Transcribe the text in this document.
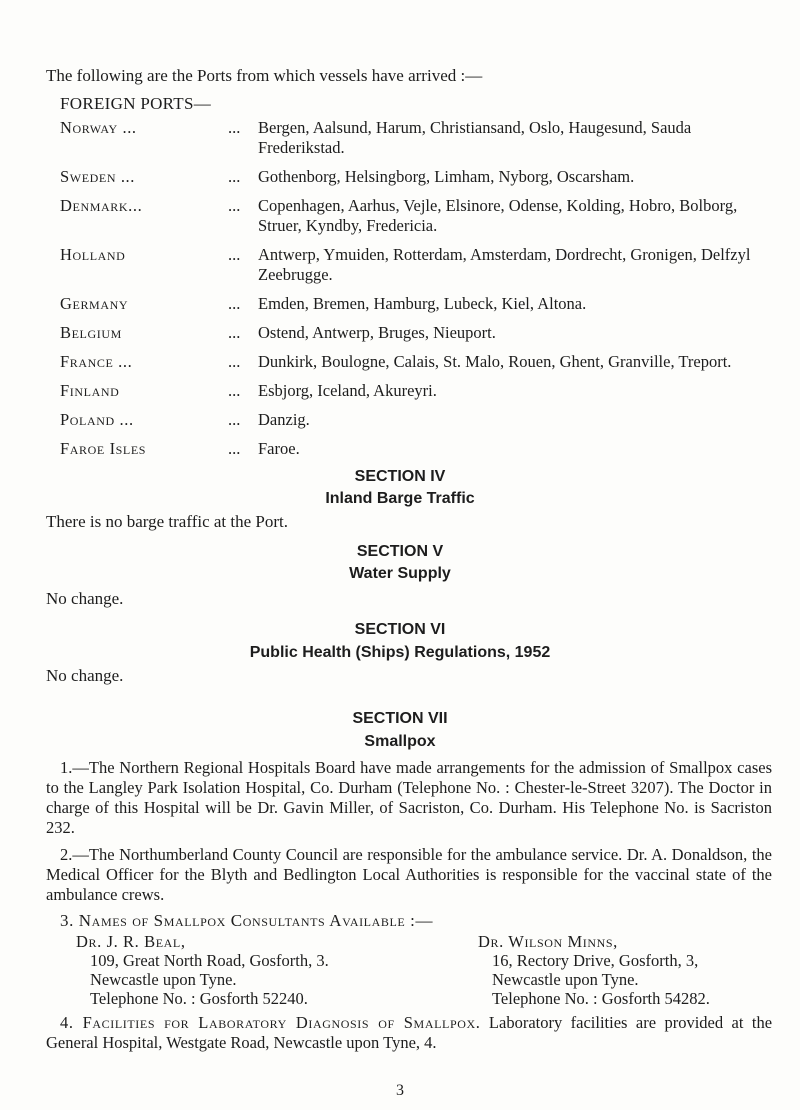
The following are the Ports from which vessels have arrived :—
FOREIGN PORTS—
Norway ...	...	Bergen, Aalsund, Harum, Christiansand, Oslo, Haugesund, Sauda Frederikstad.
Sweden ...	...	Gothenborg, Helsingborg, Limham, Nyborg, Oscarsham.
Denmark...	...	Copenhagen, Aarhus, Vejle, Elsinore, Odense, Kolding, Hobro, Bolborg, Struer, Kyndby, Fredericia.
Holland	...	Antwerp, Ymuiden, Rotterdam, Amsterdam, Dordrecht, Gronigen, Delfzyl Zeebrugge.
Germany	...	Emden, Bremen, Hamburg, Lubeck, Kiel, Altona.
Belgium	...	Ostend, Antwerp, Bruges, Nieuport.
France ...	...	Dunkirk, Boulogne, Calais, St. Malo, Rouen, Ghent, Granville, Treport.
Finland	...	Esbjorg, Iceland, Akureyri.
Poland ...	...	Danzig.
Faroe Isles	...	Faroe.
SECTION IV
Inland Barge Traffic
There is no barge traffic at the Port.
SECTION V
Water Supply
No change.
SECTION VI
Public Health (Ships) Regulations, 1952
No change.
SECTION VII
Smallpox
1.—The Northern Regional Hospitals Board have made arrangements for the admission of Smallpox cases to the Langley Park Isolation Hospital, Co. Durham (Telephone No. : Chester-le-Street 3207). The Doctor in charge of this Hospital will be Dr. Gavin Miller, of Sacriston, Co. Durham. His Telephone No. is Sacriston 232.
2.—The Northumberland County Council are responsible for the ambulance service. Dr. A. Donaldson, the Medical Officer for the Blyth and Bedlington Local Authorities is responsible for the vaccinal state of the ambulance crews.
3. Names of Smallpox Consultants Available :—
Dr. J. R. Beal,
109, Great North Road, Gosforth, 3.
Newcastle upon Tyne.
Telephone No. : Gosforth 52240.
Dr. Wilson Minns,
16, Rectory Drive, Gosforth, 3,
Newcastle upon Tyne.
Telephone No. : Gosforth 54282.
4. Facilities for Laboratory Diagnosis of Smallpox. Laboratory facilities are provided at the General Hospital, Westgate Road, Newcastle upon Tyne, 4.
3
